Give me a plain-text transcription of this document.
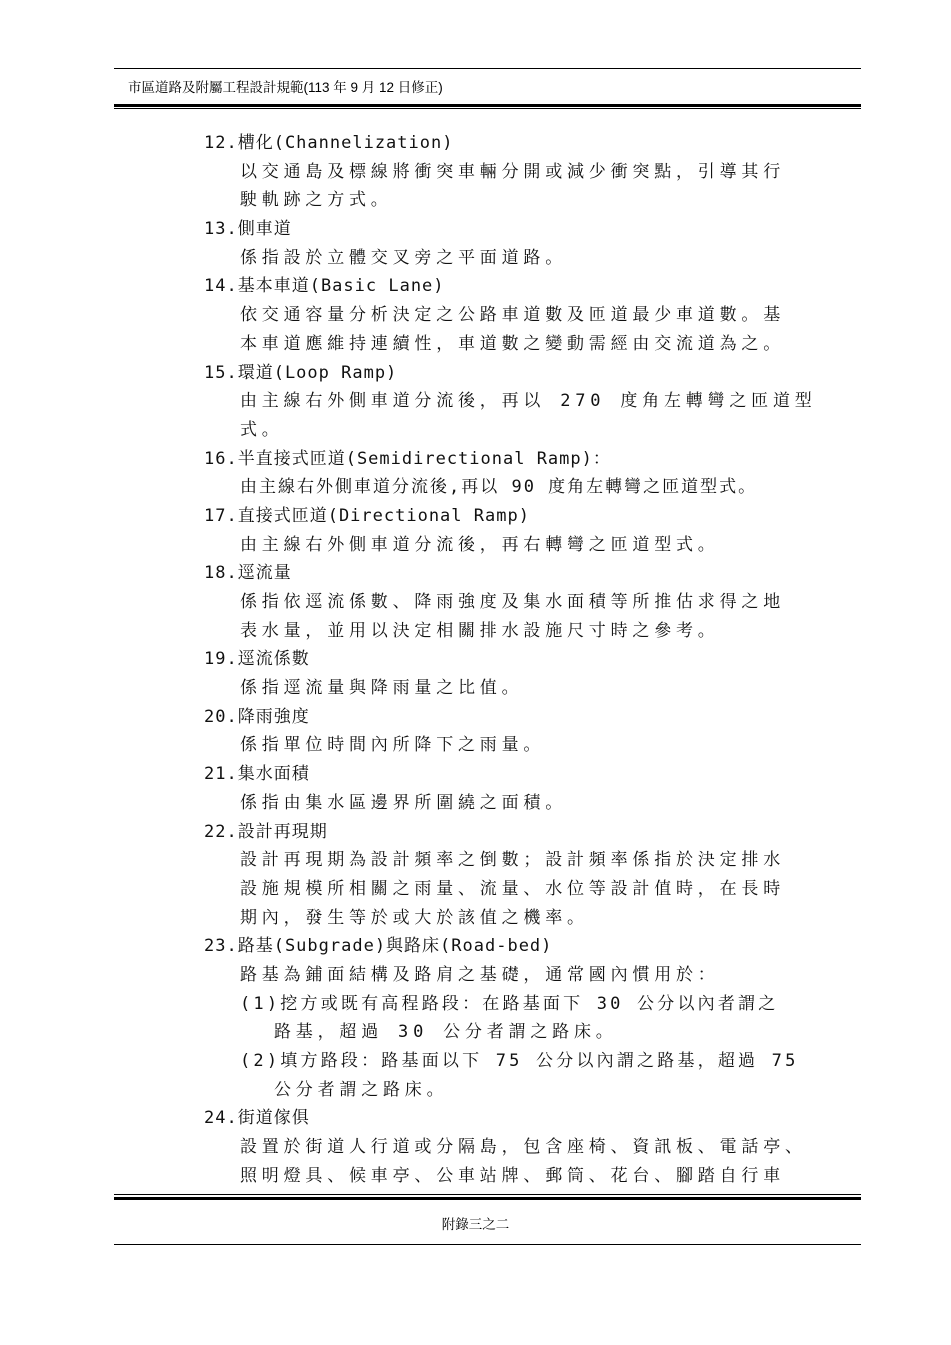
市區道路及附屬工程設計規範(113 年 9 月 12 日修正)
12.槽化(Channelization)
以交通島及標線將衝突車輛分開或減少衝突點，引導其行
駛軌跡之方式。
13.側車道
係指設於立體交叉旁之平面道路。
14.基本車道(Basic Lane)
依交通容量分析決定之公路車道數及匝道最少車道數。基
本車道應維持連續性，車道數之變動需經由交流道為之。
15.環道(Loop Ramp)
由主線右外側車道分流後，再以 270 度角左轉彎之匝道型
式。
16.半直接式匝道(Semidirectional Ramp)：
由主線右外側車道分流後,再以 90 度角左轉彎之匝道型式。
17.直接式匝道(Directional Ramp)
由主線右外側車道分流後，再右轉彎之匝道型式。
18.逕流量
係指依逕流係數、降雨強度及集水面積等所推估求得之地
表水量，並用以決定相關排水設施尺寸時之參考。
19.逕流係數
係指逕流量與降雨量之比值。
20.降雨強度
係指單位時間內所降下之雨量。
21.集水面積
係指由集水區邊界所圍繞之面積。
22.設計再現期
設計再現期為設計頻率之倒數；設計頻率係指於決定排水
設施規模所相關之雨量、流量、水位等設計值時，在長時
期內，發生等於或大於該值之機率。
23.路基(Subgrade)與路床(Road-bed)
路基為鋪面結構及路肩之基礎，通常國內慣用於：
(1)挖方或既有高程路段：在路基面下 30 公分以內者謂之
路基，超過 30 公分者謂之路床。
(2)填方路段：路基面以下 75 公分以內謂之路基，超過 75
公分者謂之路床。
24.街道傢俱
設置於街道人行道或分隔島，包含座椅、資訊板、電話亭、
照明燈具、候車亭、公車站牌、郵筒、花台、腳踏自行車
附錄三之二
